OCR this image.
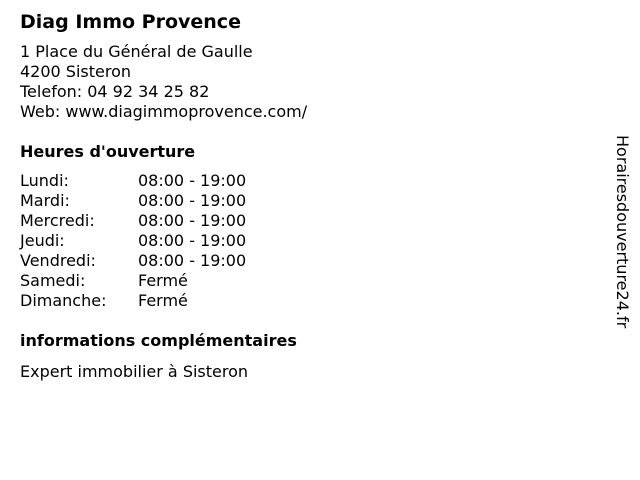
Diag Immo Provence
1 Place du Général de Gaulle
4200 Sisteron
Telefon: 04 92 34 25 82
Web: www.diagimmoprovence.com/
Heures d'ouverture
Lundi:	08:00 - 19:00
Mardi:	08:00 - 19:00
Mercredi:	08:00 - 19:00
Jeudi:	08:00 - 19:00
Vendredi:	08:00 - 19:00
Samedi:	Fermé
Dimanche:	Fermé
informations complémentaires
Expert immobilier à Sisteron
Horairesdouverture24.fr
